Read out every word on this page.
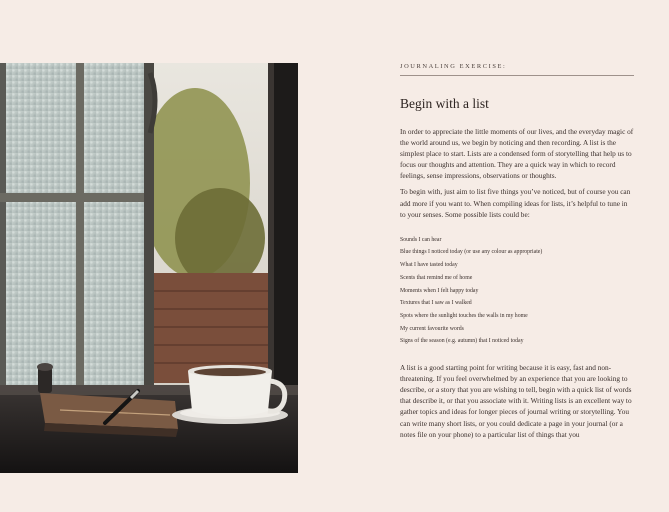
JOURNALING EXERCISE:
Begin with a list

In order to appreciate the little moments of our lives, and the everyday magic of the world around us, we begin by noticing and then recording. A list is the simplest place to start. Lists are a condensed form of storytelling that help us to focus our thoughts and attention. They are a quick way in which to record feelings, sense impressions, observations or thoughts.

To begin with, just aim to list five things you’ve noticed, but of course you can add more if you want to. When compiling ideas for lists, it’s helpful to tune in to your senses. Some possible lists could be:

Sounds I can hear
Blue things I noticed today (or use any colour as appropriate)
What I have tasted today
Scents that remind me of home
Moments when I felt happy today
Textures that I saw as I walked
Spots where the sunlight touches the walls in my home
My current favourite words
Signs of the season (e.g. autumn) that I noticed today

A list is a good starting point for writing because it is easy, fast and non-threatening. If you feel overwhelmed by an experience that you are looking to describe, or a story that you are wishing to tell, begin with a quick list of words that describe it, or that you associate with it. Writing lists is an excellent way to gather topics and ideas for longer pieces of journal writing or storytelling. You can write many short lists, or you could dedicate a page in your journal (or a notes file on your phone) to a particular list of things that you
